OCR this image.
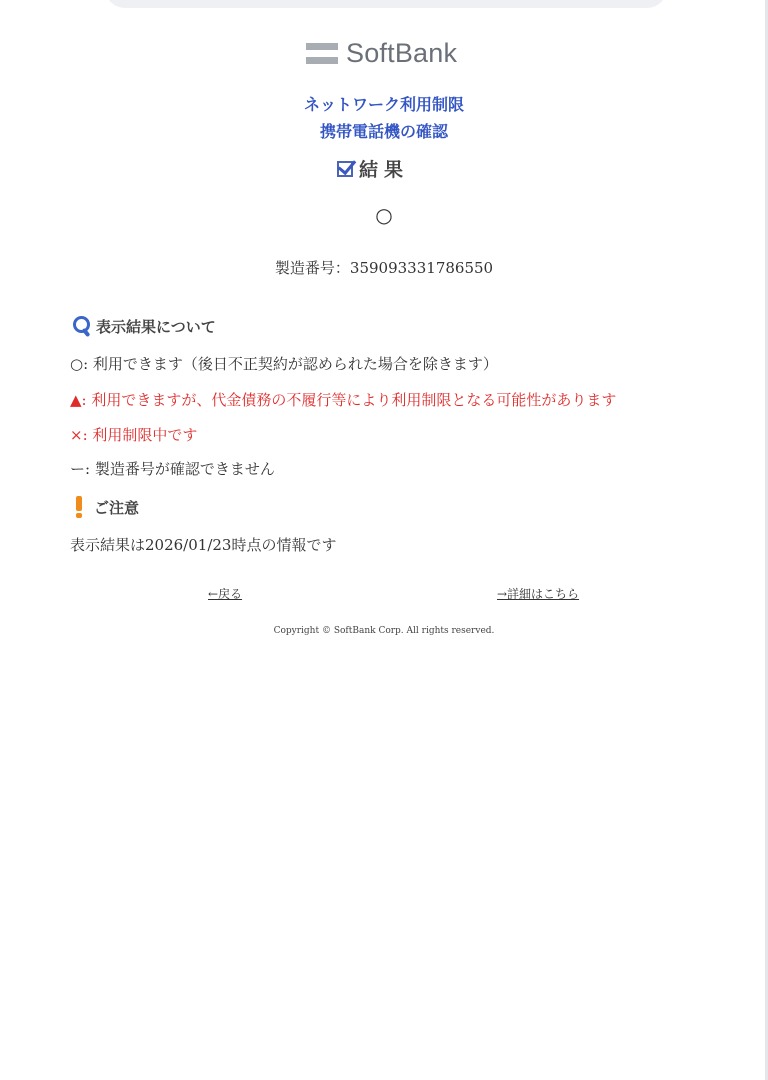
SoftBank
ネットワーク利用制限
携帯電話機の確認
結果
○
製造番号：359093331786550
表示結果について
○: 利用できます（後日不正契約が認められた場合を除きます）
▲: 利用できますが、代金債務の不履行等により利用制限となる可能性があります
×: 利用制限中です
ー: 製造番号が確認できません
ご注意
表示結果は2026/01/23時点の情報です
←戻る	→詳細はこちら
Copyright © SoftBank Corp. All rights reserved.
